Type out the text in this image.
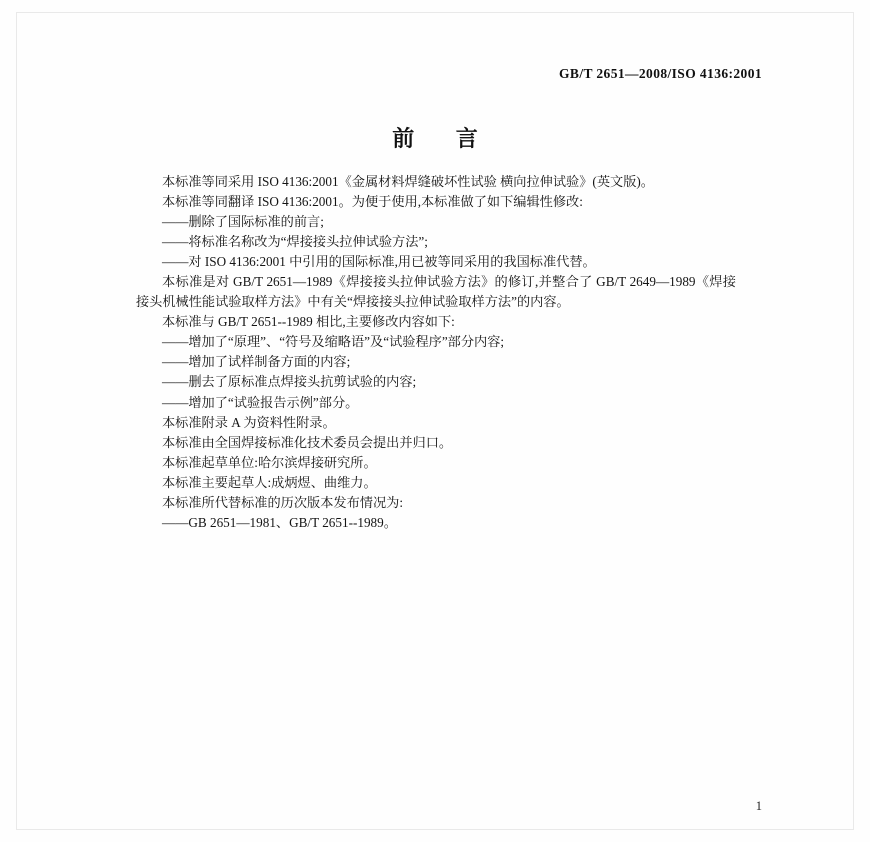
GB/T 2651—2008/ISO 4136:2001
前 言

本标准等同采用 ISO 4136:2001《金属材料焊缝破坏性试验 横向拉伸试验》(英文版)。

本标准等同翻译 ISO 4136:2001。为便于使用,本标准做了如下编辑性修改:

——删除了国际标准的前言;

——将标准名称改为“焊接接头拉伸试验方法”;

——对 ISO 4136:2001 中引用的国际标准,用已被等同采用的我国标准代替。

本标准是对 GB/T 2651—1989《焊接接头拉伸试验方法》的修订,并整合了 GB/T 2649—1989《焊接接头机械性能试验取样方法》中有关“焊接接头拉伸试验取样方法”的内容。

本标准与 GB/T 2651--1989 相比,主要修改内容如下:

——增加了“原理”、“符号及缩略语”及“试验程序”部分内容;

——增加了试样制备方面的内容;

——删去了原标准点焊接头抗剪试验的内容;

——增加了“试验报告示例”部分。

本标准附录 A 为资料性附录。

本标准由全国焊接标准化技术委员会提出并归口。

本标准起草单位:哈尔滨焊接研究所。

本标准主要起草人:成炳煜、曲维力。

本标准所代替标准的历次版本发布情况为:

——GB 2651—1981、GB/T 2651--1989。

1
